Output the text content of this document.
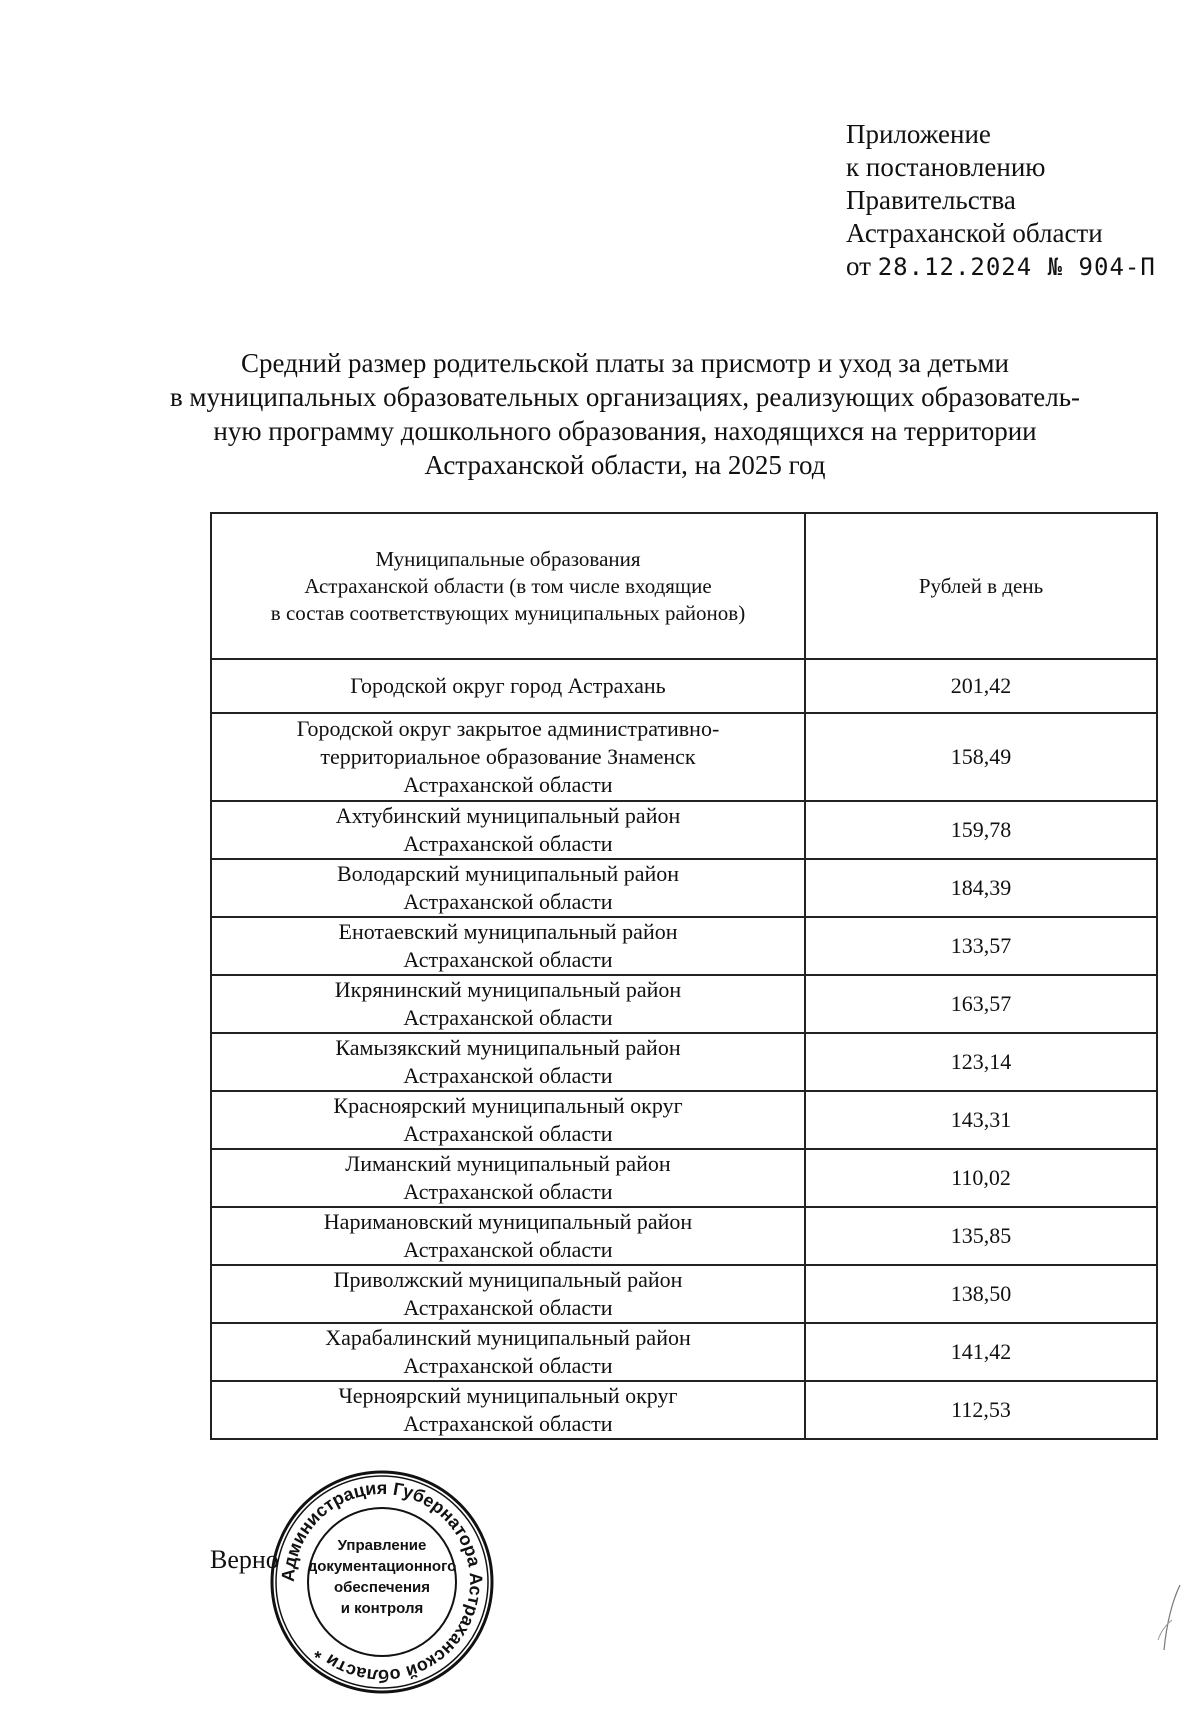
Приложение
к постановлению
Правительства
Астраханской области
от 28.12.2024 № 904-П
Средний размер родительской платы за присмотр и уход за детьми
в муниципальных образовательных организациях, реализующих образователь-
ную программу дошкольного образования, находящихся на территории
Астраханской области, на 2025 год
Муниципальные образования
Астраханской области (в том числе входящие
в состав соответствующих муниципальных районов)	Рублей в день

Городской округ город Астрахань	201,42

Городской округ закрытое административно-
территориальное образование Знаменск
Астраханской области	158,49

Ахтубинский муниципальный район
Астраханской области	159,78

Володарский муниципальный район
Астраханской области	184,39

Енотаевский муниципальный район
Астраханской области	133,57

Икрянинский муниципальный район
Астраханской области	163,57

Камызякский муниципальный район
Астраханской области	123,14

Красноярский муниципальный округ
Астраханской области	143,31

Лиманский муниципальный район
Астраханской области	110,02

Наримановский муниципальный район
Астраханской области	135,85

Приволжский муниципальный район
Астраханской области	138,50

Харабалинский муниципальный район
Астраханской области	141,42

Черноярский муниципальный округ
Астраханской области	112,53
Верно
Администрация Губернатора Астраханской области *
Управление
документационного
обеспечения
и контроля
